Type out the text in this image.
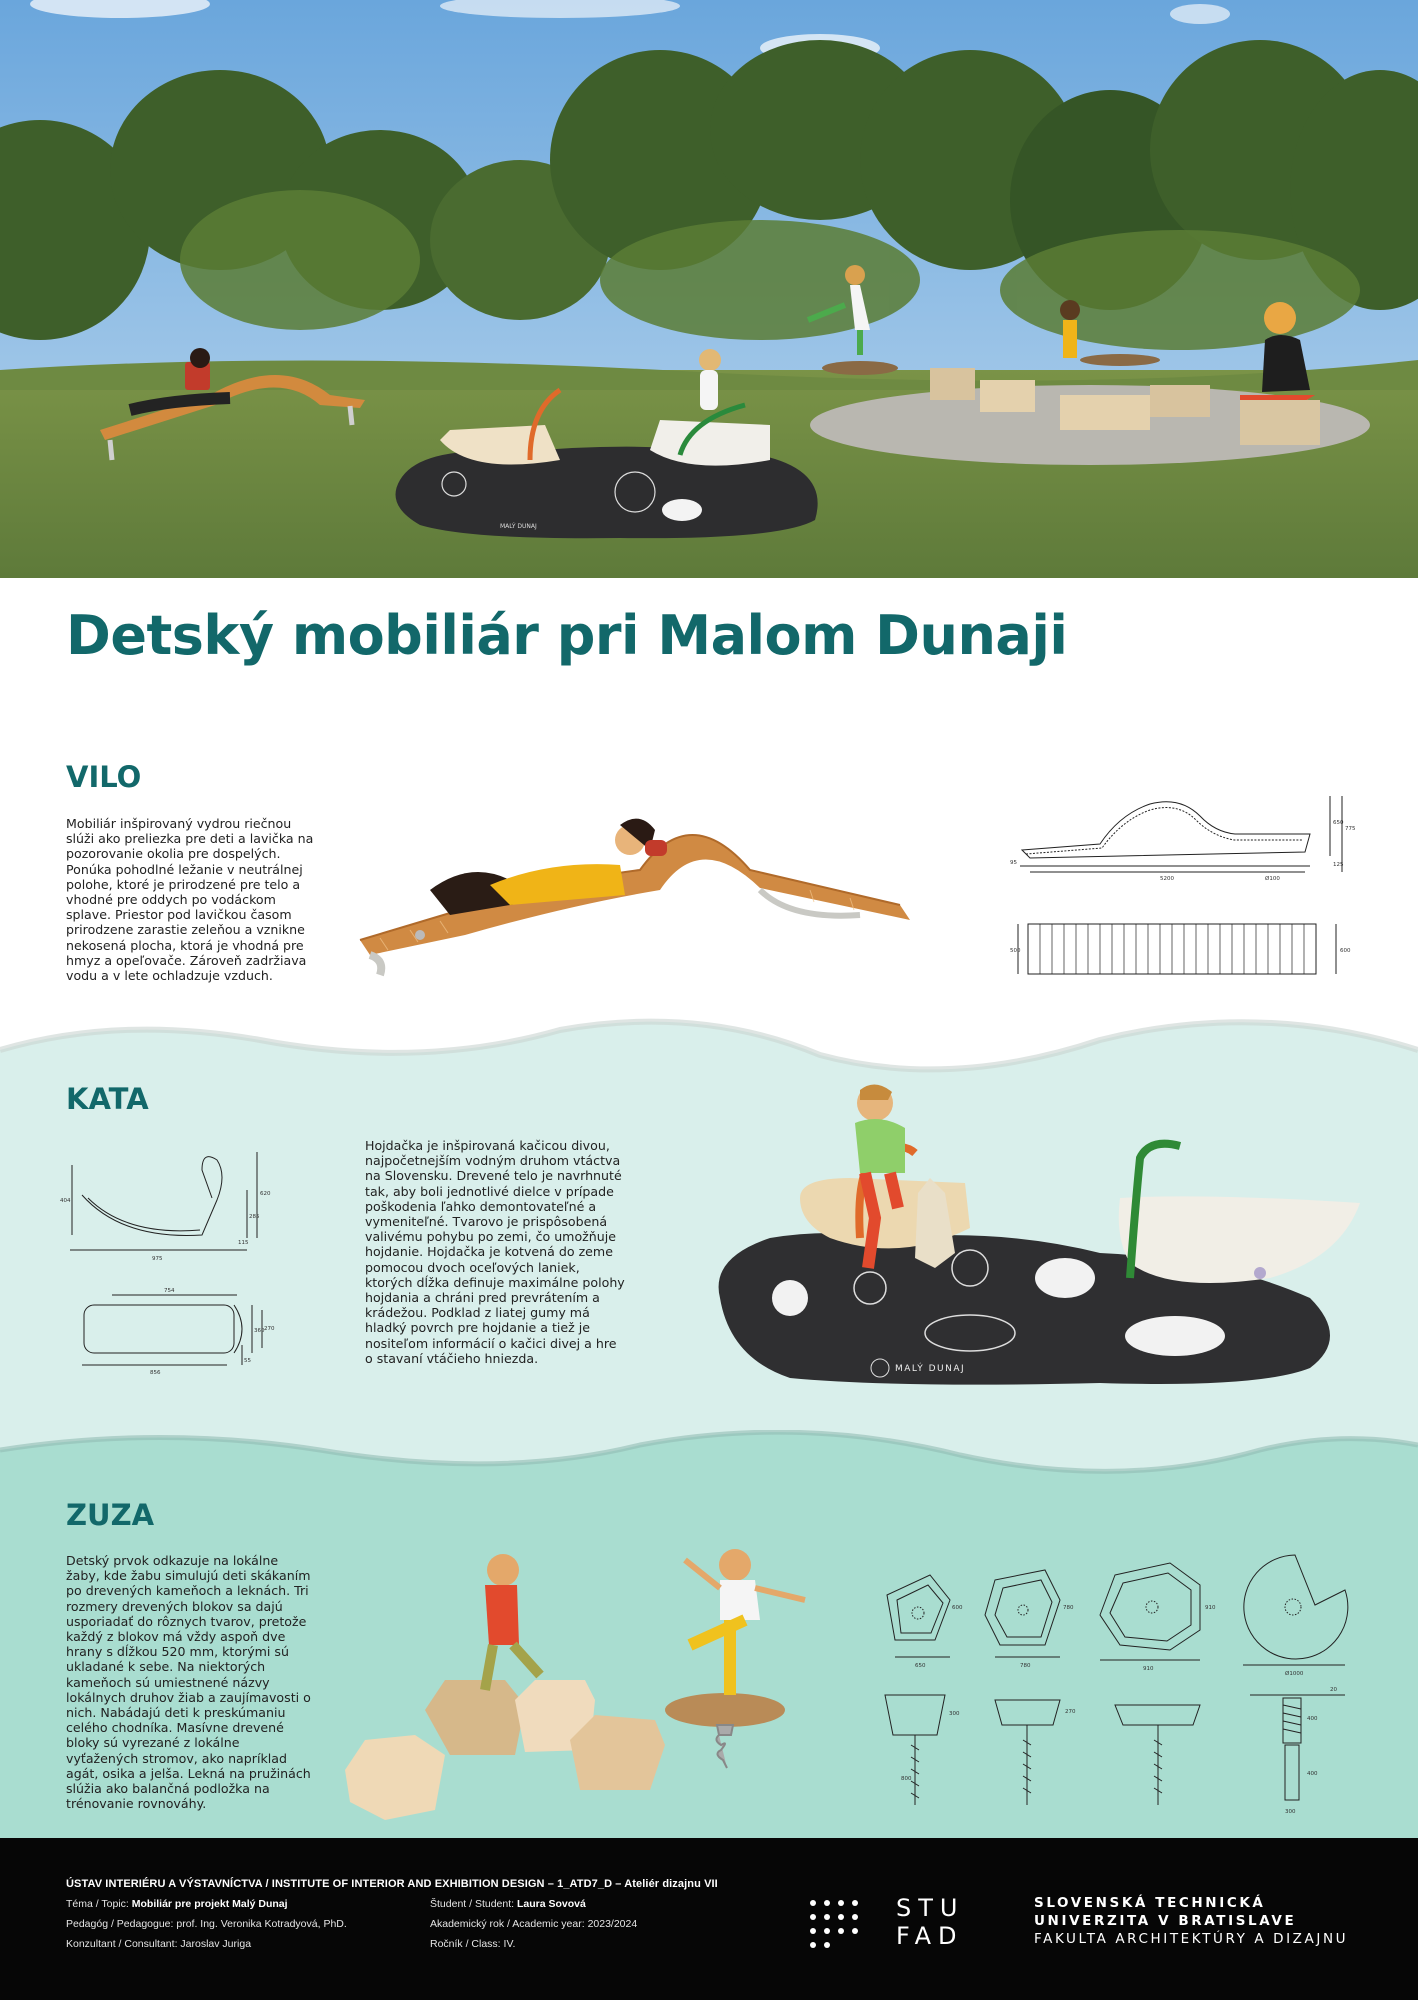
MALÝ DUNAJ
Detský mobiliár pri Malom Dunaji
VILO

Mobiliár inšpirovaný vydrou riečnou slúži ako preliezka pre deti a lavička na pozorovanie okolia pre dospelých. Ponúka pohodlné ležanie v neutrálnej polohe, ktoré je prirodzené pre telo a vhodné pre oddych po vodáckom splave. Priestor pod lavičkou časom prirodzene zarastie zeleňou a vznikne nekosená plocha, ktorá je vhodná pre hmyz a opeľovače. Zároveň zadržiava vodu a v lete ochladzuje vzduch.

5200	Ø100
650
775
125
95
500	600
KATA

Hojdačka je inšpirovaná kačicou divou, najpočetnejším vodným druhom vtáctva na Slovensku. Drevené telo je navrhnuté tak, aby boli jednotlivé dielce v prípade poškodenia ľahko demontovateľné a vymeniteľné. Tvarovo je prispôsobená valivému pohybu po zemi, čo umožňuje hojdanie. Hojdačka je kotvená do zeme pomocou dvoch oceľových laniek, ktorých dĺžka definuje maximálne polohy hojdania a chráni pred prevrátením a krádežou. Podklad z liatej gumy má hladký povrch pre hojdanie a tiež je nositeľom informácií o kačici divej a hre o stavaní vtáčieho hniezda.

975
404
620
285
115
754
856
360 270
55
MALÝ DUNAJ
ZUZA

Detský prvok odkazuje na lokálne žaby, kde žabu simulujú deti skákaním po drevených kameňoch a leknách. Tri rozmery drevených blokov sa dajú usporiadať do rôznych tvarov, pretože každý z blokov má vždy aspoň dve hrany s dĺžkou 520 mm, ktorými sú ukladané k sebe. Na niektorých kameňoch sú umiestnené názvy lokálnych druhov žiab a zaujímavosti o nich. Nabádajú deti k preskúmaniu celého chodníka. Masívne drevené bloky sú vyrezané z lokálne vyťažených stromov, ako napríklad agát, osika a jelša. Lekná na pružinách slúžia ako balančná podložka na trénovanie rovnováhy.

650
600
780
780
910
910
Ø1000
300	270
800
400
400
20
300
ÚSTAV INTERIÉRU A VÝSTAVNÍCTVA / INSTITUTE OF INTERIOR AND EXHIBITION DESIGN – 1_ATD7_D – Ateliér dizajnu VII
Téma / Topic: Mobiliár pre projekt Malý Dunaj
Pedagóg / Pedagogue: prof. Ing. Veronika Kotradyová, PhD.
Konzultant / Consultant: Jaroslav Juriga
Študent / Student: Laura Sovová
Akademický rok / Academic year: 2023/2024
Ročník / Class: IV.
STU
FAD
SLOVENSKÁ TECHNICKÁ
UNIVERZITA V BRATISLAVE
FAKULTA ARCHITEKTÚRY A DIZAJNU
